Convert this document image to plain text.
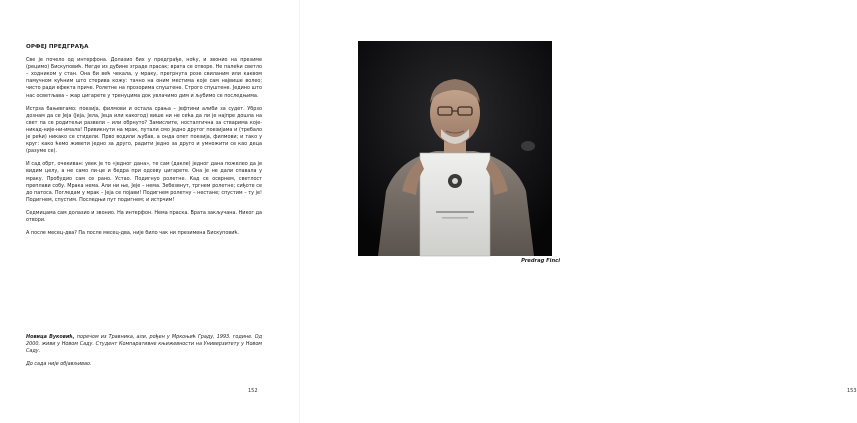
ОРФЕЈ ПРЕДГРАЂА

Све је почело од интерфона. Долазио бих у предграђе, ноћу, и звонио на презиме (рецимо) Бискуповић. Негде из дубине зграде прасак; врата се отворе. Не палећи светло – ходником у стан. Она би већ чекала, у мраку, прегрнута розе свиланим или каквом памучном кућним што стерива кожу: тачно на оним местима које сам највише волео; чисто ради ефекта приче. Ролетне на прозорима спуштене. Строго спуштене. Једино што нас осветљава – жар цигарете у тренуцима док увлачимо дим и љубимо се последњима.

Истрза бањевгамо: поезија, филмови и остала срања – јефтини алиби за судет. Убрзо дознам да се Јеја (Јеја, Јела, Јеца или какогод) више ни не сећа да ли је најпре дошла на свет па се родитељи развели – или обрнуто? Замислите, носталгична за стварима које-никад-није-ни-имала! Привикнути на мрак, путали смо једно другог поезијама и (требало је рећи) никако се стидели. Прво водили љубав, а онда опет поезија, филмови; и тако у круг: како ћемо живети једно за друго, радити једно за друго и умножити се као деца (разуме се).

И сад обрт, очекиван: увек је то «једног дана», те сам (дакле) једног дана пожелео да је видим целу, а не само ли-це и бедра при одсеву цигарете. Она је не дали спавала у мраку. Пробудио сам се рано. Устао. Подигнуо ролетне. Кад се осврнем, светлост преплави собу. Мрака нема. Али ни ње, Јеје – нема. Зебезвнут, тргнем ролетне; сиђоте се до патоса. Погледам у мрак – Јеја се појави! Подигнем ролетну – нестане; спустим – ту је! Подигнем, спустим. Последњи пут подигнем; и истрчим!

Седмицама сам долазио и звонио. На интерфон. Нема праска. Врата закључана. Никог да отвори.

А после месец-два? Па после месец-два, није било чак ни презимена Бискуповић.

Новица Вуковић, поречом из Травника, али, рођен у Мркоњић Граду, 1993. године. Од 2000. живи у Новом Саду. Студент Компаративне књижевности на Универзитету у Новом Саду.

До сада није објављивао.

152	153
Predrag Finci
